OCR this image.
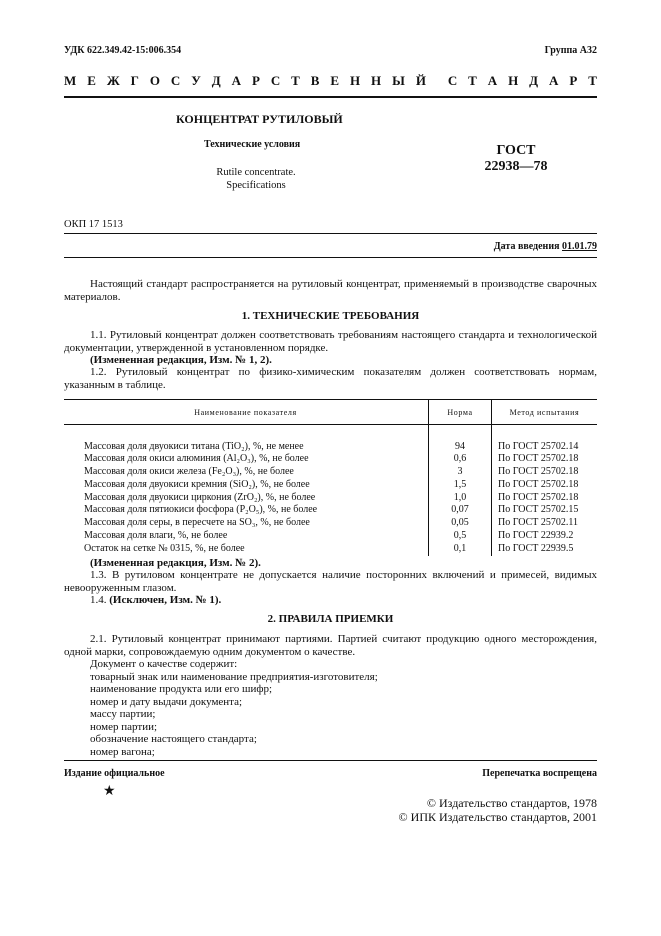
УДК 622.349.42-15:006.354	Группа А32
М Е Ж Г О С У Д А Р С Т В Е Н Н Ы Й С Т А Н Д А Р Т
КОНЦЕНТРАТ РУТИЛОВЫЙ
Технические условия
Rutile concentrate.
Specifications
ГОСТ
22938—78
ОКП 17 1513
Дата введения 01.01.79
Настоящий стандарт распространяется на рутиловый концентрат, применяемый в производстве сварочных материалов.
1. ТЕХНИЧЕСКИЕ ТРЕБОВАНИЯ
1.1. Рутиловый концентрат должен соответствовать требованиям настоящего стандарта и технологической документации, утвержденной в установленном порядке.
(Измененная редакция, Изм. № 1, 2).
1.2. Рутиловый концентрат по физико-химическим показателям должен соответствовать нормам, указанным в таблице.
Наименование показателя	Норма	Метод испытания

Массовая доля двуокиси титана (TiO₂), %, не менее	94	По ГОСТ 25702.14
Массовая доля окиси алюминия (Al₂O₃), %, не более	0,6	По ГОСТ 25702.18
Массовая доля окиси железа (Fe₂O₃), %, не более	3	По ГОСТ 25702.18
Массовая доля двуокиси кремния (SiO₂), %, не более	1,5	По ГОСТ 25702.18
Массовая доля двуокиси циркония (ZrO₂), %, не более	1,0	По ГОСТ 25702.18
Массовая доля пятиокиси фосфора (P₂O₅), %, не более	0,07	По ГОСТ 25702.15
Массовая доля серы, в пересчете на SO₃, %, не более	0,05	По ГОСТ 25702.11
Массовая доля влаги, %, не более	0,5	По ГОСТ 22939.2
Остаток на сетке № 0315, %, не более	0,1	По ГОСТ 22939.5
(Измененная редакция, Изм. № 2).
1.3. В рутиловом концентрате не допускается наличие посторонних включений и примесей, видимых невооруженным глазом.
1.4. (Исключен, Изм. № 1).
2. ПРАВИЛА ПРИЕМКИ
2.1. Рутиловый концентрат принимают партиями. Партией считают продукцию одного месторождения, одной марки, сопровождаемую одним документом о качестве.
Документ о качестве содержит:
товарный знак или наименование предприятия-изготовителя;
наименование продукта или его шифр;
номер и дату выдачи документа;
массу партии;
номер партии;
обозначение настоящего стандарта;
номер вагона;
Издание официальное	Перепечатка воспрещена
★
© Издательство стандартов, 1978
© ИПК Издательство стандартов, 2001
